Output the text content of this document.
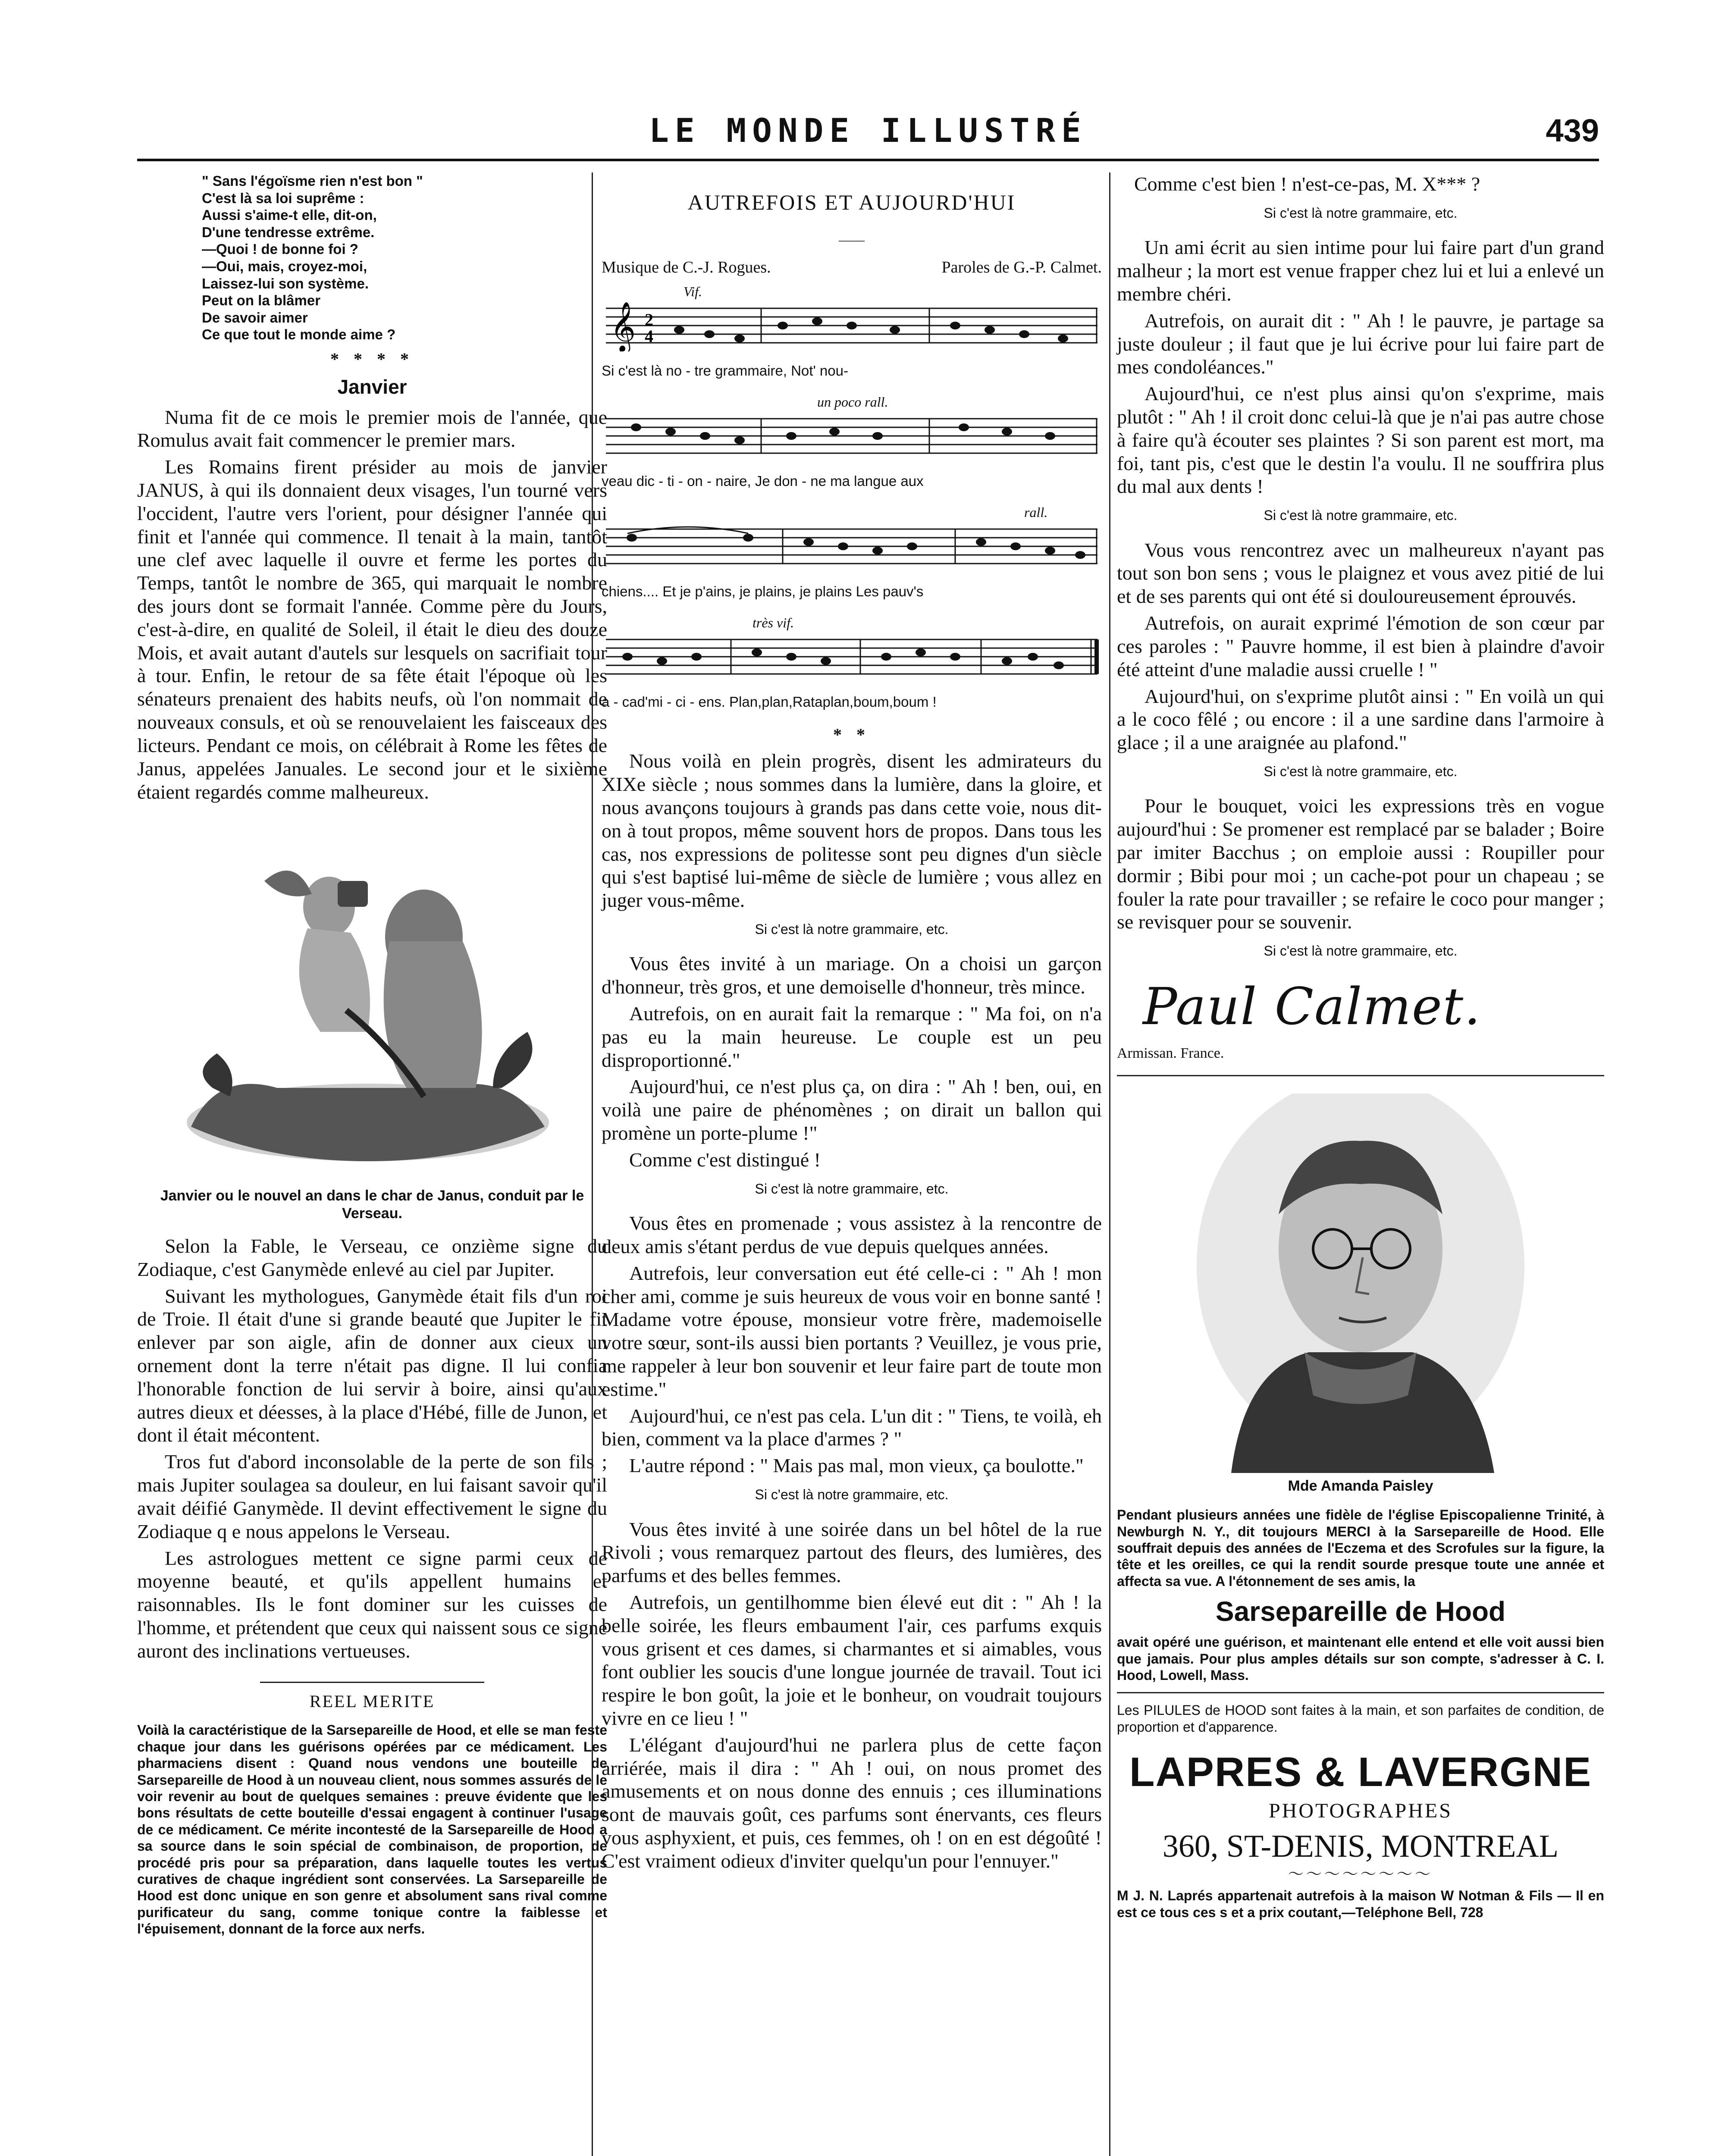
LE MONDE ILLUSTRÉ	439
" Sans l'égoïsme rien n'est bon "
C'est là sa loi suprême :
Aussi s'aime-t elle, dit-on,
D'une tendresse extrême.
—Quoi ! de bonne foi ?
—Oui, mais, croyez-moi,
Laissez-lui son système.
Peut on la blâmer
De savoir aimer
Ce que tout le monde aime ?
* * * *
Janvier

Numa fit de ce mois le premier mois de l'année, que Romulus avait fait commencer le premier mars.

Les Romains firent présider au mois de janvier JANUS, à qui ils donnaient deux visages, l'un tourné vers l'occident, l'autre vers l'orient, pour désigner l'année qui finit et l'année qui commence. Il tenait à la main, tantôt une clef avec laquelle il ouvre et ferme les portes du Temps, tantôt le nombre de 365, qui marquait le nombre des jours dont se formait l'année. Comme père du Jours, c'est-à-dire, en qualité de Soleil, il était le dieu des douze Mois, et avait autant d'autels sur lesquels on sacrifiait tour à tour. Enfin, le retour de sa fête était l'époque où les sénateurs prenaient des habits neufs, où l'on nommait de nouveaux consuls, et où se renouvelaient les faisceaux des licteurs. Pendant ce mois, on célébrait à Rome les fêtes de Janus, appelées Januales. Le second jour et le sixième étaient regardés comme malheureux.

Janvier ou le nouvel an dans le char de Janus, conduit par le Verseau.

Selon la Fable, le Verseau, ce onzième signe du Zodiaque, c'est Ganymède enlevé au ciel par Jupiter.

Suivant les mythologues, Ganymède était fils d'un roi de Troie. Il était d'une si grande beauté que Jupiter le fit enlever par son aigle, afin de donner aux cieux un ornement dont la terre n'était pas digne. Il lui confia l'honorable fonction de lui servir à boire, ainsi qu'aux autres dieux et déesses, à la place d'Hébé, fille de Junon, et dont il était mécontent.

Tros fut d'abord inconsolable de la perte de son fils ; mais Jupiter soulagea sa douleur, en lui faisant savoir qu'il avait déifié Ganymède. Il devint effectivement le signe du Zodiaque q e nous appelons le Verseau.

Les astrologues mettent ce signe parmi ceux de moyenne beauté, et qu'ils appellent humains et raisonnables. Ils le font dominer sur les cuisses de l'homme, et prétendent que ceux qui naissent sous ce signe auront des inclinations vertueuses.

REEL MERITE
Voilà la caractéristique de la Sarsepareille de Hood, et elle se man feste chaque jour dans les guérisons opérées par ce médicament. Les pharmaciens disent : Quand nous vendons une bouteille de Sarsepareille de Hood à un nouveau client, nous sommes assurés de le voir revenir au bout de quelques semaines : preuve évidente que les bons résultats de cette bouteille d'essai engagent à continuer l'usage de ce médicament. Ce mérite incontesté de la Sarsepareille de Hood a sa source dans le soin spécial de combinaison, de proportion, de procédé pris pour sa préparation, dans laquelle toutes les vertus curatives de chaque ingrédient sont conservées. La Sarsepareille de Hood est donc unique en son genre et absolument sans rival comme purificateur du sang, comme tonique contre la faiblesse et l'épuisement, donnant de la force aux nerfs.
AUTREFOIS ET AUJOURD'HUI
——
Musique de C.-J. Rogues.	Paroles de G.-P. Calmet.
Vif.
𝄞 2
4
Si c'est là no - tre grammaire, Not' nou-
un poco rall.
veau dic - ti - on - naire, Je don - ne ma langue aux
rall.
chiens.... Et je p'ains, je plains, je plains Les pauv's
très vif.
a - cad'mi - ci - ens. Plan,plan,Rataplan,boum,boum !
* *

Nous voilà en plein progrès, disent les admirateurs du XIXe siècle ; nous sommes dans la lumière, dans la gloire, et nous avançons toujours à grands pas dans cette voie, nous dit-on à tout propos, même souvent hors de propos. Dans tous les cas, nos expressions de politesse sont peu dignes d'un siècle qui s'est baptisé lui-même de siècle de lumière ; vous allez en juger vous-même.

Si c'est là notre grammaire, etc.

Vous êtes invité à un mariage. On a choisi un garçon d'honneur, très gros, et une demoiselle d'honneur, très mince.

Autrefois, on en aurait fait la remarque : " Ma foi, on n'a pas eu la main heureuse. Le couple est un peu disproportionné."

Aujourd'hui, ce n'est plus ça, on dira : " Ah ! ben, oui, en voilà une paire de phénomènes ; on dirait un ballon qui promène un porte-plume !"

Comme c'est distingué !

Si c'est là notre grammaire, etc.

Vous êtes en promenade ; vous assistez à la rencontre de deux amis s'étant perdus de vue depuis quelques années.

Autrefois, leur conversation eut été celle-ci : " Ah ! mon cher ami, comme je suis heureux de vous voir en bonne santé ! Madame votre épouse, monsieur votre frère, mademoiselle votre sœur, sont-ils aussi bien portants ? Veuillez, je vous prie, me rappeler à leur bon souvenir et leur faire part de toute mon estime."

Aujourd'hui, ce n'est pas cela. L'un dit : " Tiens, te voilà, eh bien, comment va la place d'armes ? "

L'autre répond : " Mais pas mal, mon vieux, ça boulotte."

Si c'est là notre grammaire, etc.

Vous êtes invité à une soirée dans un bel hôtel de la rue Rivoli ; vous remarquez partout des fleurs, des lumières, des parfums et des belles femmes.

Autrefois, un gentilhomme bien élevé eut dit : " Ah ! la belle soirée, les fleurs embaument l'air, ces parfums exquis vous grisent et ces dames, si charmantes et si aimables, vous font oublier les soucis d'une longue journée de travail. Tout ici respire le bon goût, la joie et le bonheur, on voudrait toujours vivre en ce lieu ! "

L'élégant d'aujourd'hui ne parlera plus de cette façon arriérée, mais il dira : " Ah ! oui, on nous promet des amusements et on nous donne des ennuis ; ces illuminations sont de mauvais goût, ces parfums sont énervants, ces fleurs vous asphyxient, et puis, ces femmes, oh ! on en est dégoûté ! C'est vraiment odieux d'inviter quelqu'un pour l'ennuyer."

Comme c'est bien ! n'est-ce-pas, M. X*** ?
Si c'est là notre grammaire, etc.

Un ami écrit au sien intime pour lui faire part d'un grand malheur ; la mort est venue frapper chez lui et lui a enlevé un membre chéri.

Autrefois, on aurait dit : " Ah ! le pauvre, je partage sa juste douleur ; il faut que je lui écrive pour lui faire part de mes condoléances."

Aujourd'hui, ce n'est plus ainsi qu'on s'exprime, mais plutôt : " Ah ! il croit donc celui-là que je n'ai pas autre chose à faire qu'à écouter ses plaintes ? Si son parent est mort, ma foi, tant pis, c'est que le destin l'a voulu. Il ne souffrira plus du mal aux dents !

Si c'est là notre grammaire, etc.

Vous vous rencontrez avec un malheureux n'ayant pas tout son bon sens ; vous le plaignez et vous avez pitié de lui et de ses parents qui ont été si douloureusement éprouvés.

Autrefois, on aurait exprimé l'émotion de son cœur par ces paroles : " Pauvre homme, il est bien à plaindre d'avoir été atteint d'une maladie aussi cruelle ! "

Aujourd'hui, on s'exprime plutôt ainsi : " En voilà un qui a le coco fêlé ; ou encore : il a une sardine dans l'armoire à glace ; il a une araignée au plafond."

Si c'est là notre grammaire, etc.

Pour le bouquet, voici les expressions très en vogue aujourd'hui : Se promener est remplacé par se balader ; Boire par imiter Bacchus ; on emploie aussi : Roupiller pour dormir ; Bibi pour moi ; un cache-pot pour un chapeau ; se fouler la rate pour travailler ; se refaire le coco pour manger ; se revisquer pour se souvenir.

Si c'est là notre grammaire, etc.
Paul Calmet.
Armissan. France.
Mde Amanda Paisley
Pendant plusieurs années une fidèle de l'église Episcopalienne Trinité, à Newburgh N. Y., dit toujours MERCI à la Sarsepareille de Hood. Elle souffrait depuis des années de l'Eczema et des Scrofules sur la figure, la tête et les oreilles, ce qui la rendit sourde presque toute une année et affecta sa vue. A l'étonnement de ses amis, la
Sarsepareille de Hood
avait opéré une guérison, et maintenant elle entend et elle voit aussi bien que jamais. Pour plus amples détails sur son compte, s'adresser à C. I. Hood, Lowell, Mass.
Les PILULES de HOOD sont faites à la main, et son parfaites de condition, de proportion et d'apparence.
LAPRES & LAVERGNE
PHOTOGRAPHES
360, ST-DENIS, MONTREAL
〜〜〜〜〜〜〜〜
M J. N. Laprés appartenait autrefois à la maison W Notman & Fils — Il en est ce tous ces s et a prix coutant,—Teléphone Bell, 728
